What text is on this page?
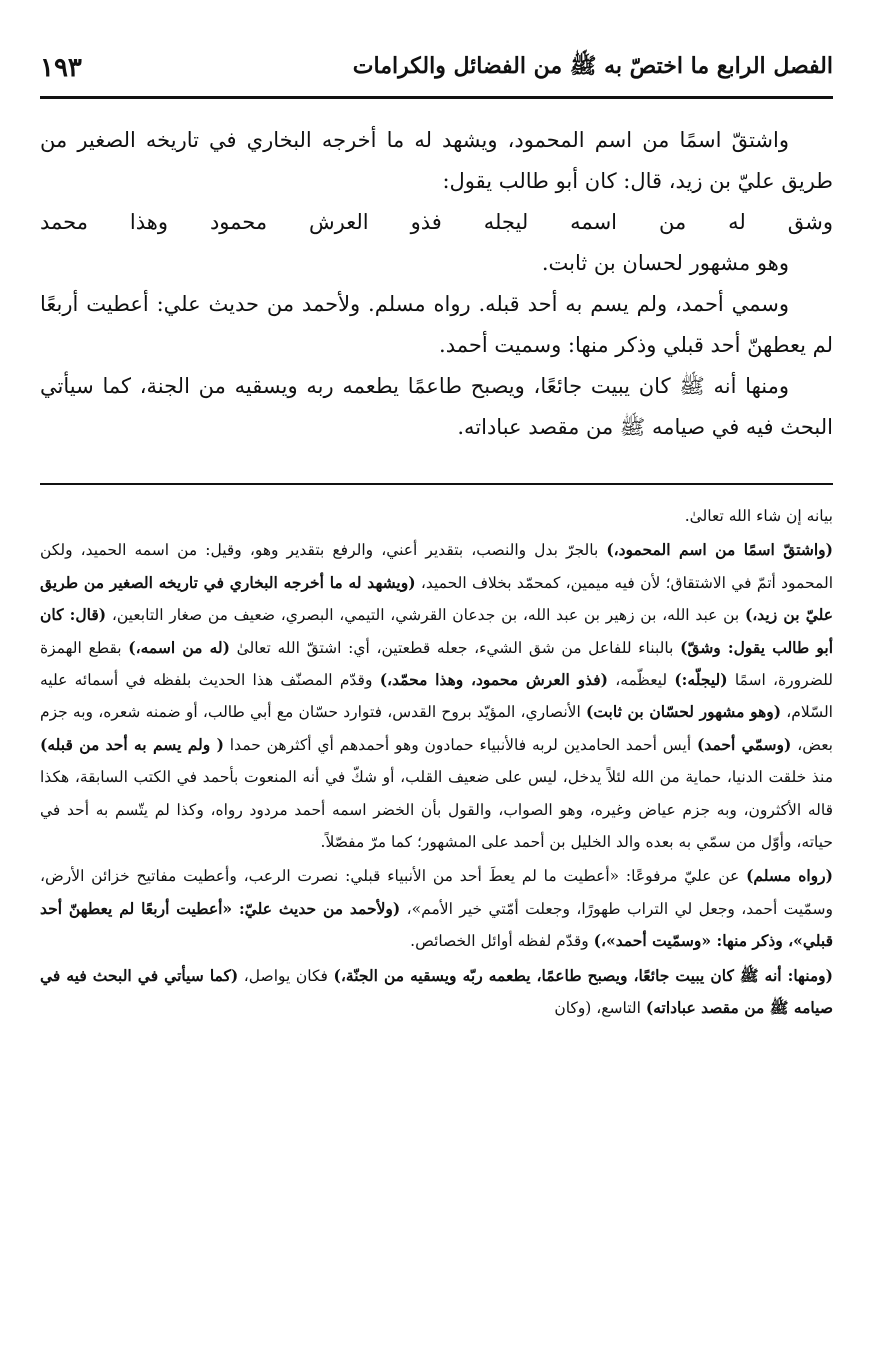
١٩٣	الفصل الرابع ما اختصّ به ﷺ من الفضائل والكرامات

واشتقّ اسمًا من اسم المحمود، ويشهد له ما أخرجه البخاري في تاريخه الصغير من طريق عليّ بن زيد، قال: كان أبو طالب يقول:

وشق له من اسمه ليجله فذو العرش محمود وهذا محمد

وهو مشهور لحسان بن ثابت.

وسمي أحمد، ولم يسم به أحد قبله. رواه مسلم. ولأحمد من حديث علي: أعطيت أربعًا لم يعطهنّ أحد قبلي وذكر منها: وسميت أحمد.

ومنها أنه ﷺ كان يبيت جائعًا، ويصبح طاعمًا يطعمه ربه ويسقيه من الجنة، كما سيأتي البحث فيه في صيامه ﷺ من مقصد عباداته.

بيانه إن شاء الله تعالىٰ.

(واشتقّ اسمًا من اسم المحمود،) بالجرّ بدل والنصب، بتقدير أعني، والرفع بتقدير وهو، وقيل: من اسمه الحميد، ولكن المحمود أتمّ في الاشتقاق؛ لأن فيه ميمين، كمحمّد بخلاف الحميد، (ويشهد له ما أخرجه البخاري في تاريخه الصغير من طريق عليّ بن زيد،) بن عبد الله، بن زهير بن عبد الله، بن جدعان القرشي، التيمي، البصري، ضعيف من صغار التابعين، (قال: كان أبو طالب يقول: وشقّ) بالبناء للفاعل من شق الشيء، جعله قطعتين، أي: اشتقّ الله تعالىٰ (له من اسمه،) بقطع الهمزة للضرورة، اسمًا (ليجلّه:) ليعظّمه، (فذو العرش محمود، وهذا محمّد،) وقدّم المصنّف هذا الحديث بلفظه في أسمائه عليه السّلام، (وهو مشهور لحسّان بن ثابت) الأنصاري، المؤيّد بروح القدس، فتوارد حسّان مع أبي طالب، أو ضمنه شعره، وبه جزم بعض، (وسمّي أحمد) أيس أحمد الحامدين لربه فالأنبياء حمادون وهو أحمدهم أي أكثرهن حمدا ( ولم يسم به أحد من قبله) منذ خلقت الدنيا، حماية من الله لئلاً يدخل، ليس على ضعيف القلب، أو شكّ في أنه المنعوت بأحمد في الكتب السابقة، هكذا قاله الأكثرون، وبه جزم عياض وغيره، وهو الصواب، والقول بأن الخضر اسمه أحمد مردود رواه، وكذا لم يتّسم به أحد في حياته، وأوّل من سمّي به بعده والد الخليل بن أحمد على المشهور؛ كما مرّ مفصّلاً.

(رواه مسلم) عن عليّ مرفوعًا: «أعطيت ما لم يعطَ أحد من الأنبياء قبلي: نصرت الرعب، وأعطيت مفاتيح خزائن الأرض، وسمّيت أحمد، وجعل لي التراب طهورًا، وجعلت أمّتي خير الأمم»، (ولأحمد من حديث عليّ: «أعطيت أربعًا لم يعطهنّ أحد قبلي»، وذكر منها: «وسمّيت أحمد»،) وقدّم لفظه أوائل الخصائص.

(ومنها: أنه ﷺ كان يبيت جائعًا، ويصبح طاعمًا، يطعمه ربّه ويسقيه من الجنّة،) فكان يواصل، (كما سيأتي في البحث فيه في صيامه ﷺ من مقصد عباداته) التاسع، (وكان
